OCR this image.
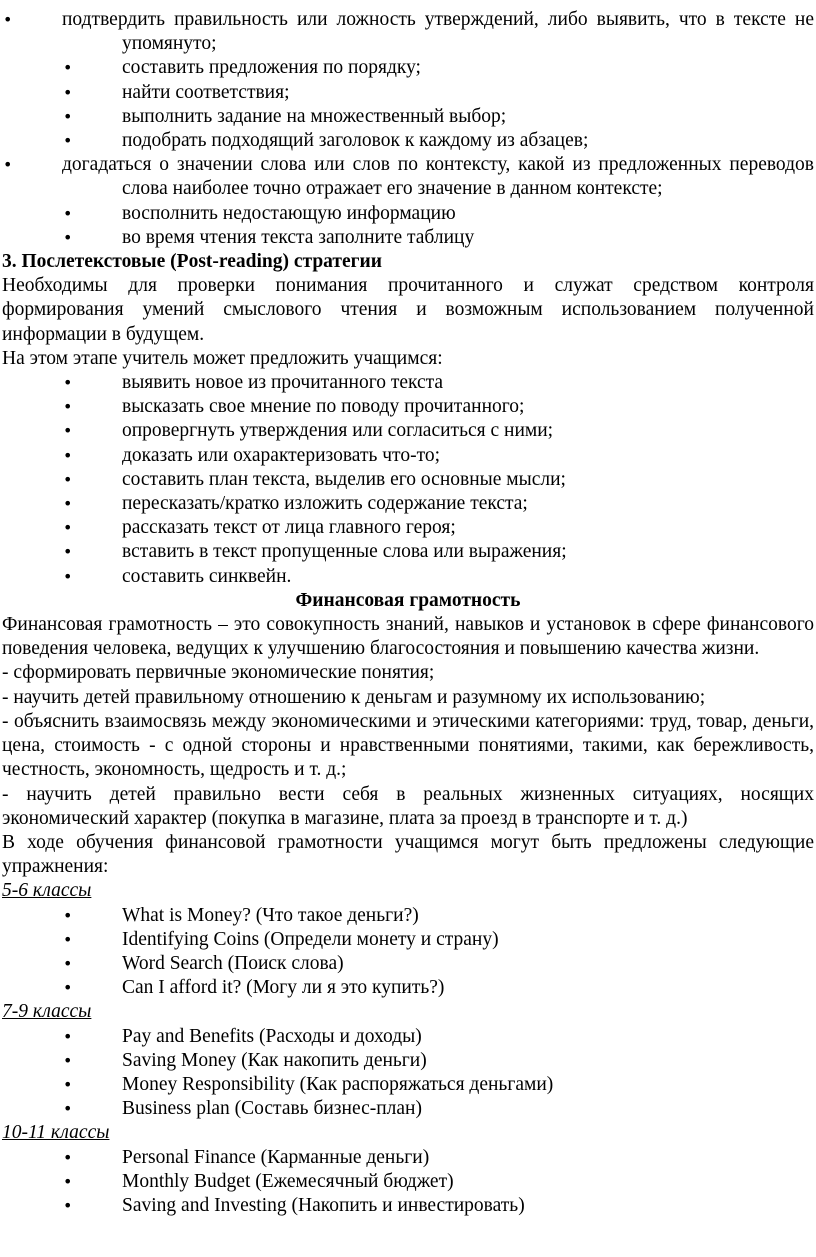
• подтвердить правильность или ложность утверждений, либо выявить, что в тексте не упомянуто;
• составить предложения по порядку;
• найти соответствия;
• выполнить задание на множественный выбор;
• подобрать подходящий заголовок к каждому из абзацев;
• догадаться о значении слова или слов по контексту, какой из предложенных переводов слова наиболее точно отражает его значение в данном контексте;
• восполнить недостающую информацию
• во время чтения текста заполните таблицу

3. Послетекстовые (Post-reading) стратегии

Необходимы для проверки понимания прочитанного и служат средством контроля формирования умений смыслового чтения и возможным использованием полученной информации в будущем.

На этом этапе учитель может предложить учащимся:

• выявить новое из прочитанного текста
• высказать свое мнение по поводу прочитанного;
• опровергнуть утверждения или согласиться с ними;
• доказать или охарактеризовать что-то;
• составить план текста, выделив его основные мысли;
• пересказать/кратко изложить содержание текста;
• рассказать текст от лица главного героя;
• вставить в текст пропущенные слова или выражения;
• составить синквейн.

Финансовая грамотность

Финансовая грамотность – это совокупность знаний, навыков и установок в сфере финансового поведения человека, ведущих к улучшению благосостояния и повышению качества жизни.

- сформировать первичные экономические понятия;

- научить детей правильному отношению к деньгам и разумному их использованию;

- объяснить взаимосвязь между экономическими и этическими категориями: труд, товар, деньги, цена, стоимость - с одной стороны и нравственными понятиями, такими, как бережливость, честность, экономность, щедрость и т. д.;

- научить детей правильно вести себя в реальных жизненных ситуациях, носящих экономический характер (покупка в магазине, плата за проезд в транспорте и т. д.)

В ходе обучения финансовой грамотности учащимся могут быть предложены следующие упражнения:

5-6 классы

• What is Money? (Что такое деньги?)
• Identifying Coins (Определи монету и страну)
• Word Search (Поиск слова)
• Can I afford it? (Могу ли я это купить?)

7-9 классы

• Pay and Benefits (Расходы и доходы)
• Saving Money (Как накопить деньги)
• Money Responsibility (Как распоряжаться деньгами)
• Business plan (Составь бизнес-план)

10-11 классы

• Personal Finance (Карманные деньги)
• Monthly Budget (Ежемесячный бюджет)
• Saving and Investing (Накопить и инвестировать)
